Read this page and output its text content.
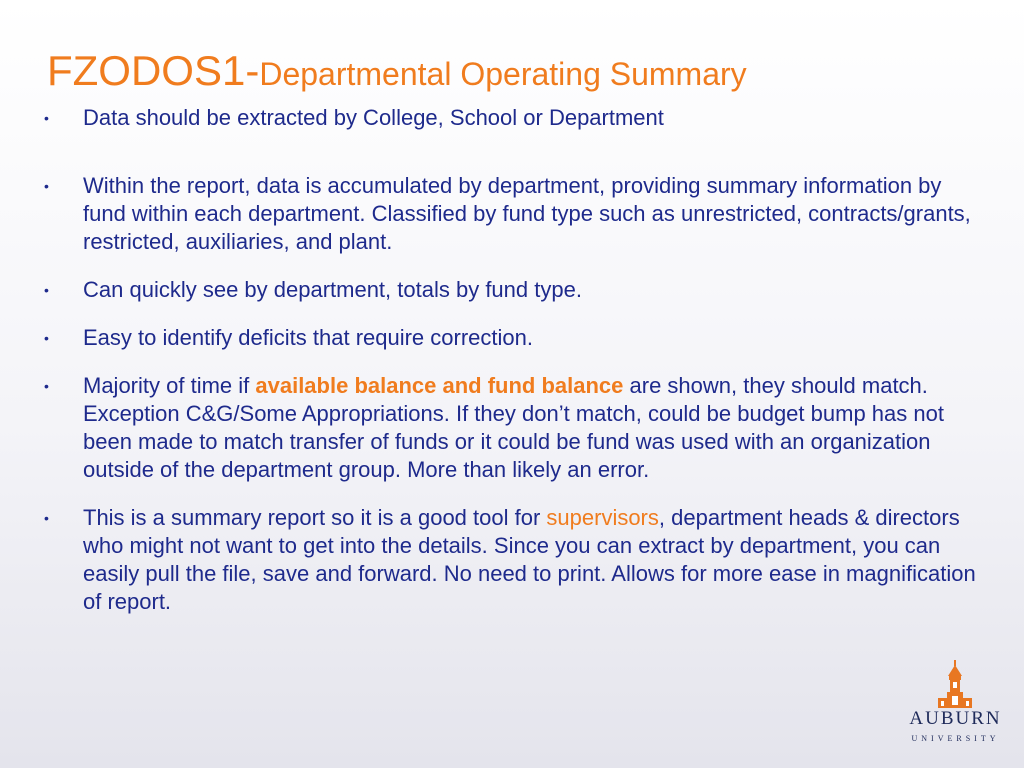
FZODOS1-Departmental Operating Summary
• Data should be extracted by College, School or Department
• Within the report, data is accumulated by department, providing summary information by fund within each department. Classified by fund type such as unrestricted, contracts/grants, restricted, auxiliaries, and plant.
• Can quickly see by department, totals by fund type.
• Easy to identify deficits that require correction.
• Majority of time if available balance and fund balance are shown, they should match. Exception C&G/Some Appropriations. If they don’t match, could be budget bump has not been made to match transfer of funds or it could be fund was used with an organization outside of the department group. More than likely an error.
• This is a summary report so it is a good tool for supervisors, department heads & directors who might not want to get into the details. Since you can extract by department, you can easily pull the file, save and forward. No need to print. Allows for more ease in magnification of report.
AUBURN
UNIVERSITY
